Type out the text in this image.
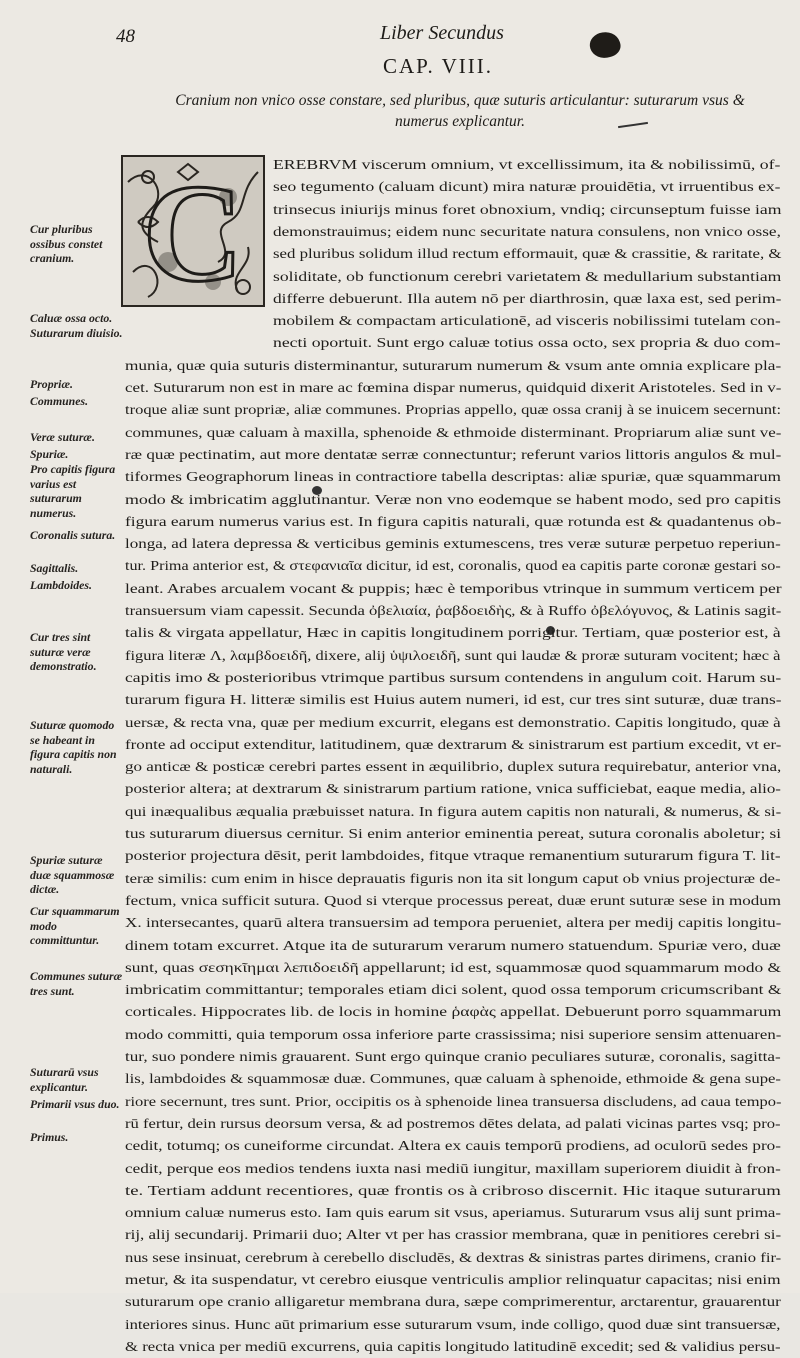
48	Liber Secundus
CAP. VIII.
Cranium non vnico osse constare, sed pluribus, quæ suturis articulantur: suturarum vsus & numerus explicantur.
C EREBRVM viscerum omnium, vt excellissimum, ita & nobilissimū, of-
seo tegumento (caluam dicunt) mira naturæ prouidētia, vt irruentibus ex-
trinsecus iniurijs minus foret obnoxium, vndiq; circunseptum fuisse iam
demonstrauimus; eidem nunc securitate natura consulens, non vnico osse,
sed pluribus solidum illud rectum efformauit, quæ & crassitie, & raritate, &
soliditate, ob functionum cerebri varietatem & medullarium substantiam
differre debuerunt. Illa autem nō per diarthrosin, quæ laxa est, sed perim-
mobilem & compactam articulationē, ad visceris nobilissimi tutelam con-
necti oportuit. Sunt ergo caluæ totius ossa octo, sex propria & duo com-
munia, quæ quia suturis disterminantur, suturarum numerum & vsum ante omnia explicare pla-
cet. Suturarum non est in mare ac fœmina dispar numerus, quidquid dixerit Aristoteles. Sed in v-
troque aliæ sunt propriæ, aliæ communes. Proprias appello, quæ ossa cranij à se inuicem secernunt:
communes, quæ caluam à maxilla, sphenoide & ethmoide disterminant. Propriarum aliæ sunt ve-
ræ quæ pectinatim, aut more dentatæ serræ connectuntur; referunt varios littoris angulos & mul-
tiformes Geographorum lineas in contractiore tabella descriptas: aliæ spuriæ, quæ squammarum
modo & imbricatim agglutinantur. Veræ non vno eodemque se habent modo, sed pro capitis
figura earum numerus varius est. In figura capitis naturali, quæ rotunda est & quadantenus ob-
longa, ad latera depressa & verticibus geminis extumescens, tres veræ suturæ perpetuo reperiun-
tur. Prima anterior est, & στεφανιαῖα dicitur, id est, coronalis, quod ea capitis parte coronæ gestari so-
leant. Arabes arcualem vocant & puppis; hæc è temporibus vtrinque in summum verticem per
transuersum viam capessit. Secunda ὀβελιαία, ῥαβδοειδὴς, & à Ruffo ὀβελόγυνος, & Latinis sagit-
talis & virgata appellatur, Hæc in capitis longitudinem porrigitur. Tertiam, quæ posterior est, à
figura literæ Λ, λαμβδοειδῆ, dixere, alij ὑψιλοειδῆ, sunt qui laudæ & proræ suturam vocitent; hæc à
capitis imo & posterioribus vtrimque partibus sursum contendens in angulum coit. Harum su-
turarum figura H. litteræ similis est Huius autem numeri, id est, cur tres sint suturæ, duæ trans-
uersæ, & recta vna, quæ per medium excurrit, elegans est demonstratio. Capitis longitudo, quæ à
fronte ad occiput extenditur, latitudinem, quæ dextrarum & sinistrarum est partium excedit, vt er-
go anticæ & posticæ cerebri partes essent in æquilibrio, duplex sutura requirebatur, anterior vna,
posterior altera; at dextrarum & sinistrarum partium ratione, vnica sufficiebat, eaque media, alio-
qui inæqualibus æqualia præbuisset natura. In figura autem capitis non naturali, & numerus, & si-
tus suturarum diuersus cernitur. Si enim anterior eminentia pereat, sutura coronalis aboletur; si
posterior projectura dēsit, perit lambdoides, fitque vtraque remanentium suturarum figura T. lit-
teræ similis: cum enim in hisce deprauatis figuris non ita sit longum caput ob vnius projecturæ de-
fectum, vnica sufficit sutura. Quod si vterque processus pereat, duæ erunt suturæ sese in modum
X. intersecantes, quarū altera transuersim ad tempora perueniet, altera per medij capitis longitu-
dinem totam excurret. Atque ita de suturarum verarum numero statuendum. Spuriæ vero, duæ
sunt, quas σεσηκῖημαι λεπιδοειδῆ appellarunt; id est, squammosæ quod squammarum modo &
imbricatim committantur; temporales etiam dici solent, quod ossa temporum cricumscribant &
corticales. Hippocrates lib. de locis in homine ῥαφὰς appellat. Debuerunt porro squammarum
modo committi, quia temporum ossa inferiore parte crassissima; nisi superiore sensim attenuaren-
tur, suo pondere nimis grauarent. Sunt ergo quinque cranio peculiares suturæ, coronalis, sagitta-
lis, lambdoides & squammosæ duæ. Communes, quæ caluam à sphenoide, ethmoide & gena supe-
riore secernunt, tres sunt. Prior, occipitis os à sphenoide linea transuersa discludens, ad caua tempo-
rū fertur, dein rursus deorsum versa, & ad postremos dētes delata, ad palati vicinas partes vsq; pro-
cedit, totumq; os cuneiforme circundat. Altera ex cauis temporū prodiens, ad oculorū sedes pro-
cedit, perque eos medios tendens iuxta nasi mediū iungitur, maxillam superiorem diuidit à fron-
te. Tertiam addunt recentiores, quæ frontis os à cribroso discernit. Hic itaque suturarum
omnium caluæ numerus esto. Iam quis earum sit vsus, aperiamus. Suturarum vsus alij sunt prima-
rij, alij secundarij. Primarii duo; Alter vt per has crassior membrana, quæ in penitiores cerebri si-
nus sese insinuat, cerebrum à cerebello discludēs, & dextras & sinistras partes dirimens, cranio fir-
metur, & ita suspendatur, vt cerebro eiusque ventriculis amplior relinquatur capacitas; nisi enim
suturarum ope cranio alligaretur membrana dura, sæpe comprimerentur, arctarentur, grauarentur
interiores sinus. Hunc aūt primarium esse suturarum vsum, inde colligo, quod duæ sint transuersæ,
& recta vnica per mediū excurrens, quia capitis longitudo latitudinē excedit; sed & validius persu-
Cur pluribus ossibus constet cranium.
Caluæ ossa octo.
Suturarum diuisio.
Propriæ.
Communes.
Veræ suturæ.
Spuriæ.
Pro capitis figura varius est suturarum numerus.
Coronalis sutura.
Sagittalis.
Lambdoides.
Cur tres sint suturæ veræ demonstratio.
Suturæ quomodo se habeant in figura capitis non naturali.
Spuriæ suturæ duæ squammosæ dictæ.
Cur squammarum modo committuntur.
Communes suturæ tres sunt.
Suturarū vsus explicantur.
Primarii vsus duo.
Primus.
